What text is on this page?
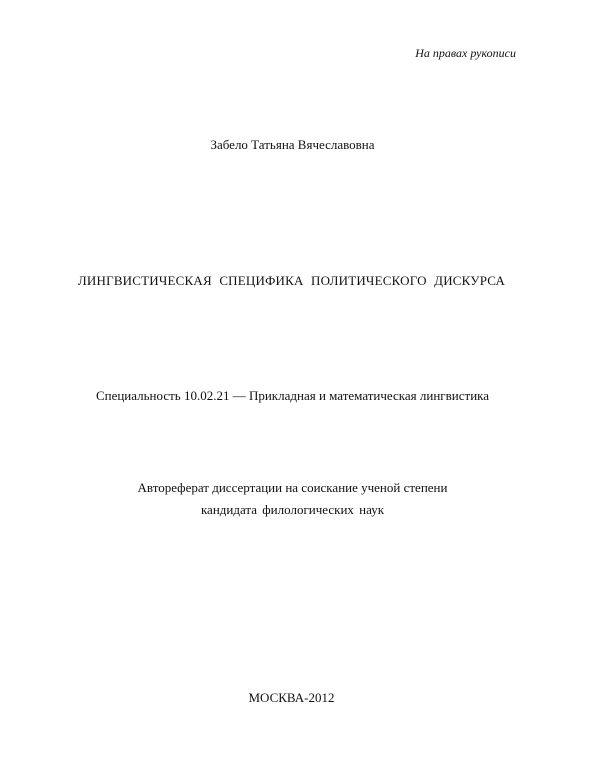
На правах рукописи
Забело Татьяна Вячеславовна
ЛИНГВИСТИЧЕСКАЯ СПЕЦИФИКА ПОЛИТИЧЕСКОГО ДИСКУРСА
Специальность 10.02.21 — Прикладная и математическая лингвистика
Автореферат диссертации на соискание ученой степени
кандидата филологических наук
МОСКВА-2012
